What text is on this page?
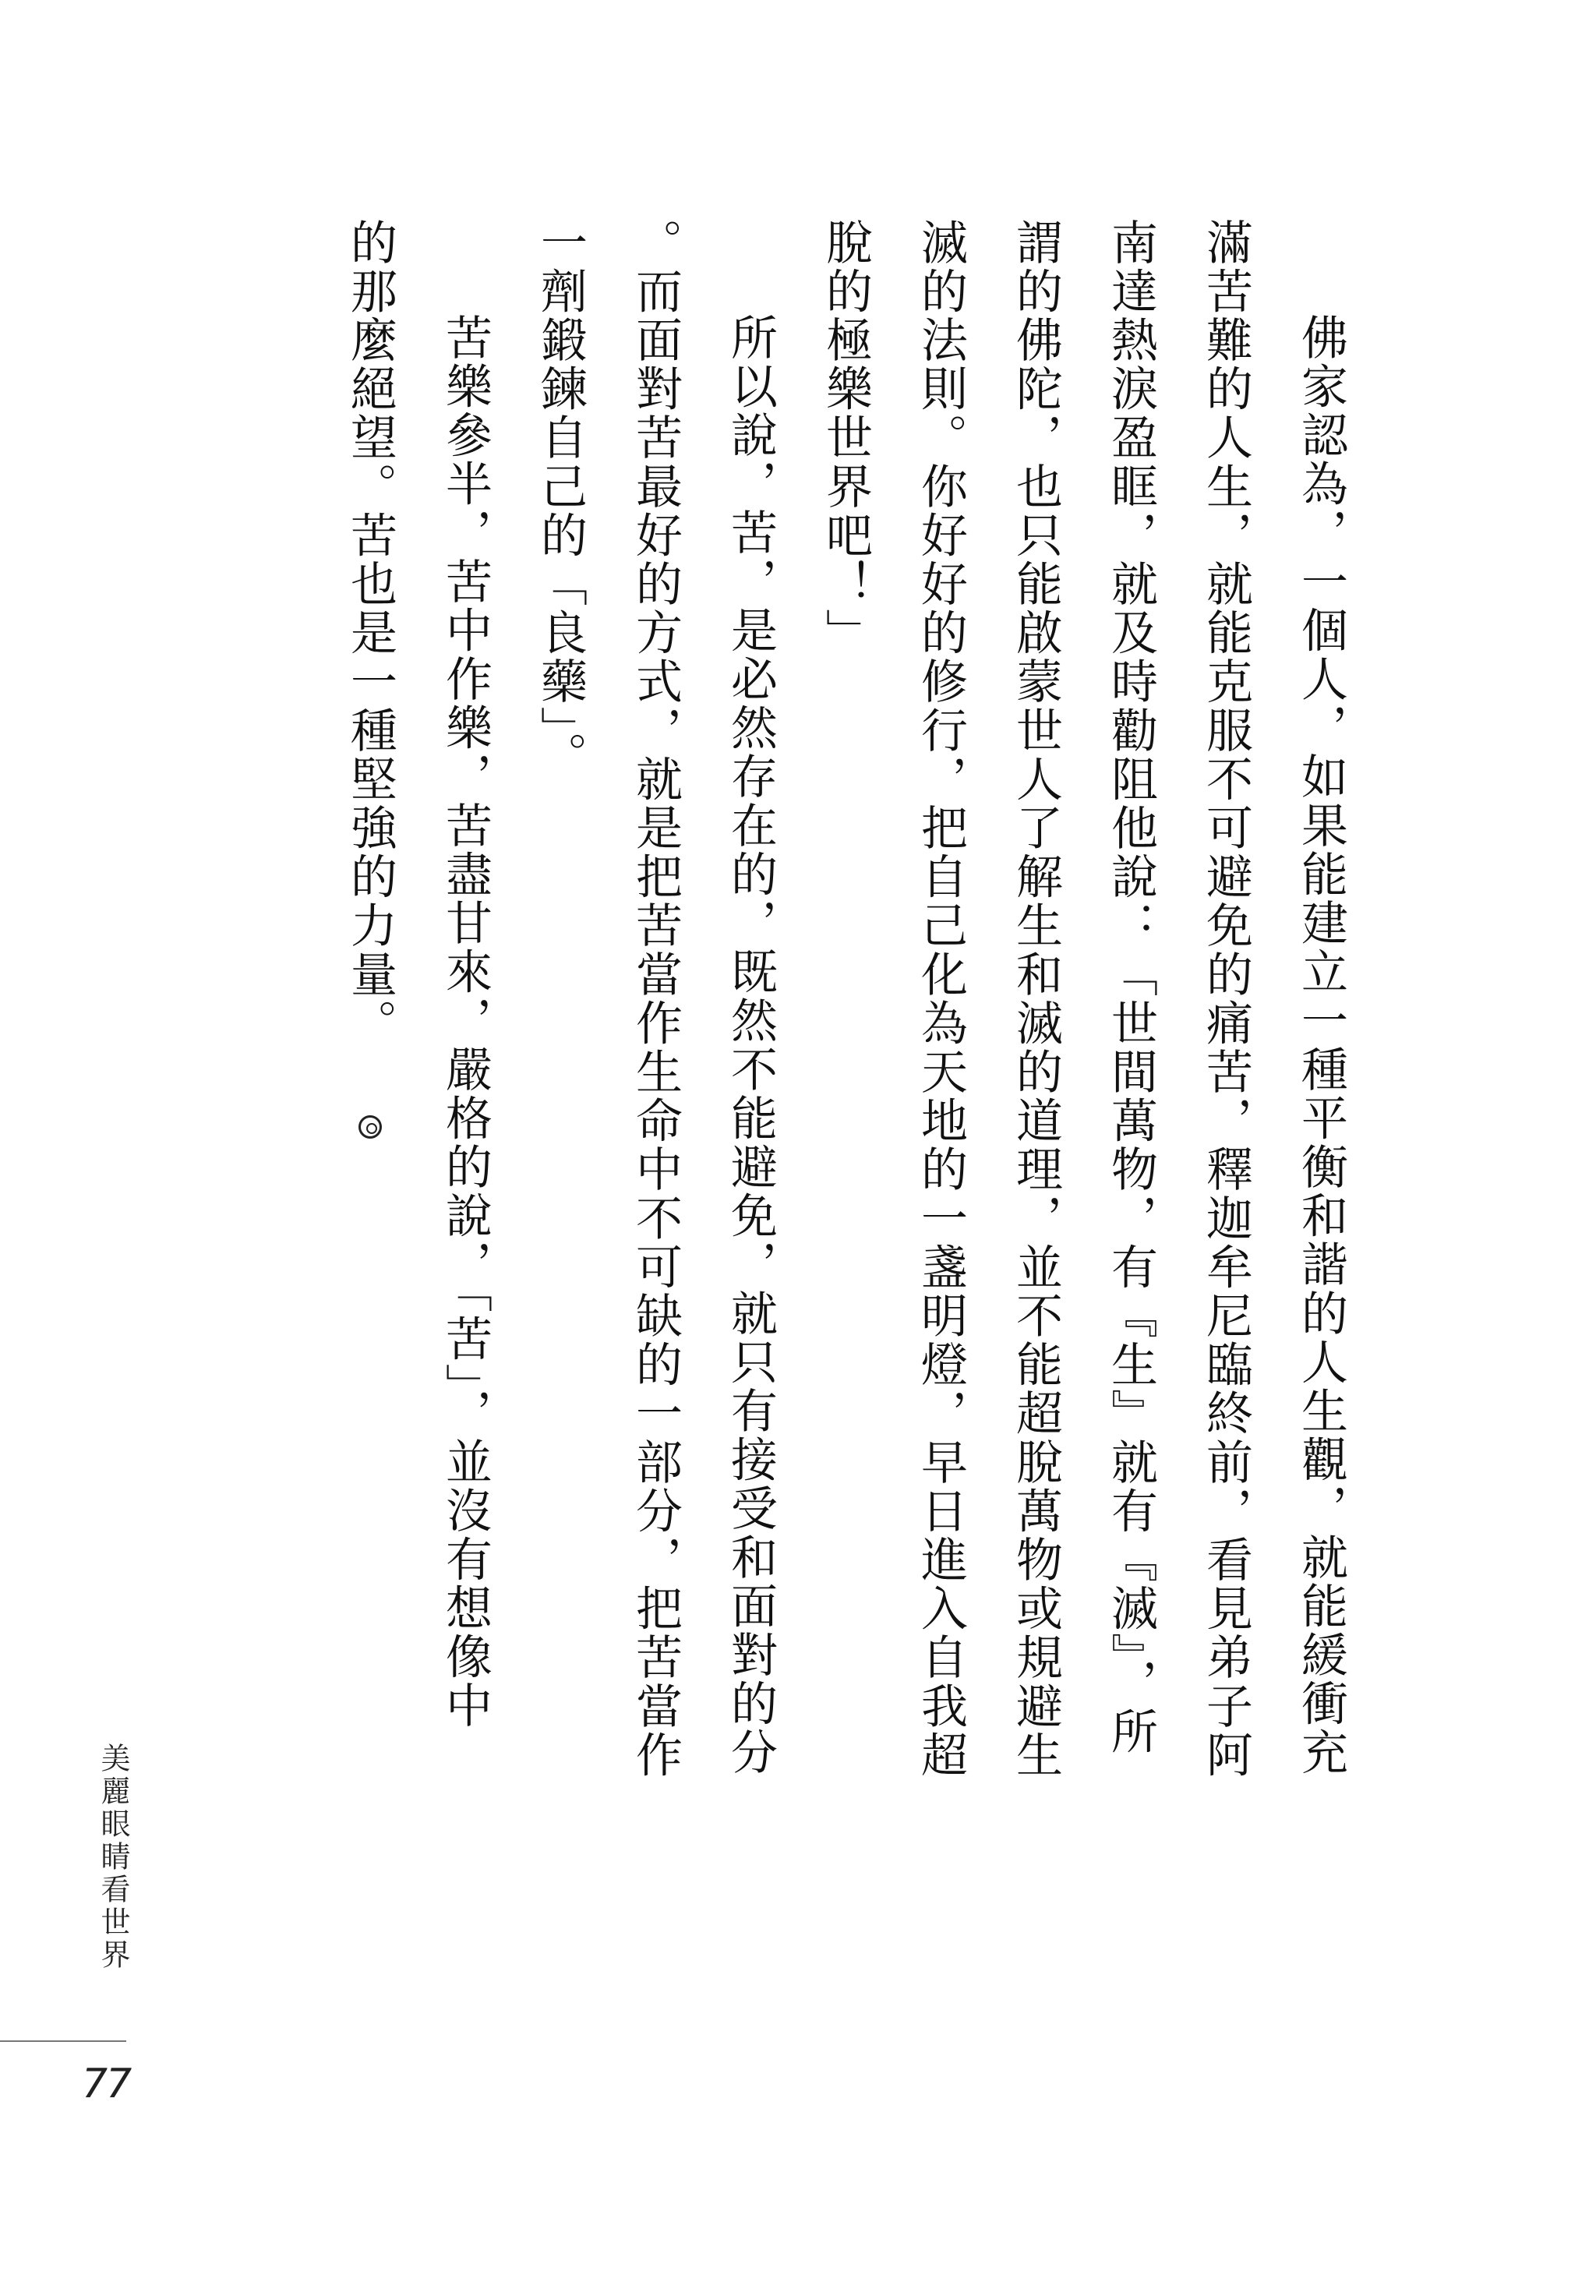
佛家認為，一個人，如果能建立一種平衡和諧的人生觀，就能緩衝充
滿苦難的人生，就能克服不可避免的痛苦，釋迦牟尼臨終前，看見弟子阿
南達熱淚盈眶，就及時勸阻他說：「世間萬物，有『生』就有『滅』，所
謂的佛陀，也只能啟蒙世人了解生和滅的道理，並不能超脫萬物或規避生
滅的法則。你好好的修行，把自己化為天地的一盞明燈，早日進入自我超
脫的極樂世界吧！」
所以說，苦，是必然存在的，既然不能避免，就只有接受和面對的分
。而面對苦最好的方式，就是把苦當作生命中不可缺的一部分，把苦當作
一劑鍛鍊自己的「良藥」。
苦樂參半，苦中作樂，苦盡甘來，嚴格的說，「苦」，並沒有想像中
的那麼絕望。苦也是一種堅強的力量。
美麗眼睛看世界
77
